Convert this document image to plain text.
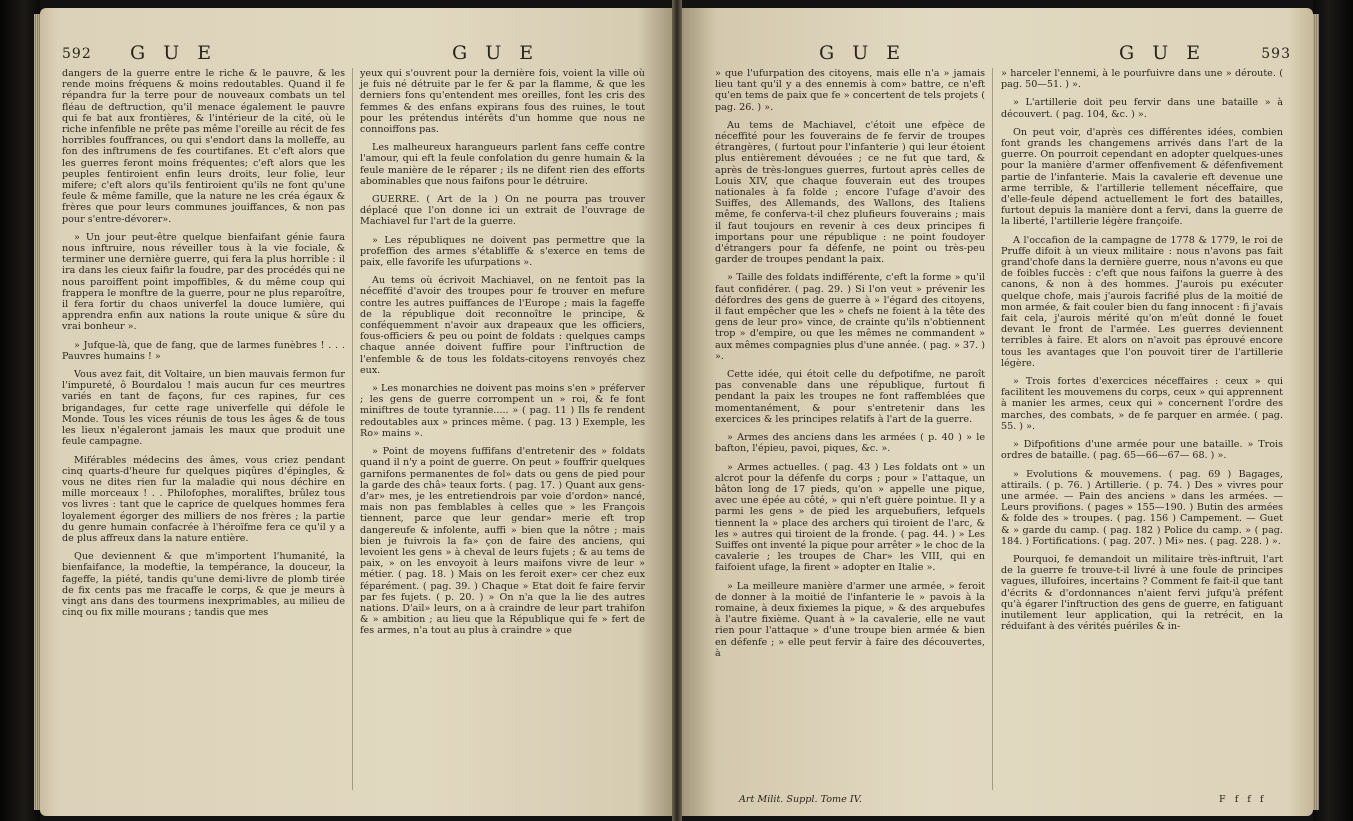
592 G U E	G U E

dangers de la guerre entre le riche & le pauvre, & les rende moins fréquens & moins redoutables. Quand il fe répandra fur la terre pour de nouveaux combats un tel fléau de deftruction, qu'il menace également le pauvre qui fe bat aux frontières, & l'intérieur de la cité, où le riche infenfible ne prête pas même l'oreille au récit de fes horribles fouffrances, ou qui s'endort dans la molleffe, au fon des inftrumens de fes courtifanes. Et c'eft alors que les guerres feront moins fréquentes; c'eft alors que les peuples fentiroient enfin leurs droits, leur folie, leur mifere; c'eft alors qu'ils fentiroient qu'ils ne font qu'une feule & même famille, que la nature ne les créa égaux & frères que pour leurs communes jouiffances, & non pas pour s'entre-dévorer».

» Un jour peut-être quelque bienfaifant génie faura nous inftruire, nous réveiller tous à la vie fociale, & terminer une dernière guerre, qui fera la plus horrible : il ira dans les cieux faifir la foudre, par des procédés qui ne nous paroiffent point impoffibles, & du même coup qui frappera le monftre de la guerre, pour ne plus reparoître, il fera fortir du chaos univerfel la douce lumière, qui apprendra enfin aux nations la route unique & sûre du vrai bonheur ».

» Jufque-là, que de fang, que de larmes funèbres ! . . . Pauvres humains ! »

Vous avez fait, dit Voltaire, un bien mauvais fermon fur l'impureté, ô Bourdalou ! mais aucun fur ces meurtres variés en tant de façons, fur ces rapines, fur ces brigandages, fur cette rage univerfelle qui défole le Monde. Tous les vices réunis de tous les âges & de tous les lieux n'égaleront jamais les maux que produit une feule campagne.

Miférables médecins des âmes, vous criez pendant cinq quarts-d'heure fur quelques piqûres d'épingles, & vous ne dites rien fur la maladie qui nous déchire en mille morceaux ! . . Philofophes, moraliftes, brûlez tous vos livres : tant que le caprice de quelques hommes fera loyalement égorger des milliers de nos frères ; la partie du genre humain confacrée à l'héroïfme fera ce qu'il y a de plus affreux dans la nature entière.

Que deviennent & que m'importent l'humanité, la bienfaifance, la modeftie, la tempérance, la douceur, la fageffe, la piété, tandis qu'une demi-livre de plomb tirée de fix cents pas me fracaffe le corps, & que je meurs à vingt ans dans des tourmens inexprimables, au milieu de cinq ou fix mille mourans ; tandis que mes

yeux qui s'ouvrent pour la dernière fois, voient la ville où je fuis né détruite par le fer & par la flamme, & que les derniers fons qu'entendent mes oreilles, font les cris des femmes & des enfans expirans fous des ruines, le tout pour les prétendus intérêts d'un homme que nous ne connoiffons pas.

Les malheureux harangueurs parlent fans ceffe contre l'amour, qui eft la feule confolation du genre humain & la feule manière de le réparer ; ils ne difent rien des efforts abominables que nous faifons pour le détruire.

GUERRE. ( Art de la ) On ne pourra pas trouver déplacé que l'on donne ici un extrait de l'ouvrage de Machiavel fur l'art de la guerre.

» Les républiques ne doivent pas permettre que la profeffion des armes s'établiffe & s'exerce en tems de paix, elle favorife les ufurpations ».

Au tems où écrivoit Machiavel, on ne fentoit pas la néceffité d'avoir des troupes pour fe trouver en mefure contre les autres puiffances de l'Europe ; mais la fageffe de la république doit reconnoître le principe, & conféquemment n'avoir aux drapeaux que les officiers, fous-officiers & peu ou point de foldats : quelques camps chaque année doivent fuffire pour l'inftruction de l'enfemble & de tous les foldats-citoyens renvoyés chez eux.

» Les monarchies ne doivent pas moins s'en » préferver ; les gens de guerre corrompent un » roi, & fe font miniftres de toute tyrannie..... » ( pag. 11 ) Ils fe rendent redoutables aux » princes même. ( pag. 13 ) Exemple, les Ro» mains ».

» Point de moyens fuffifans d'entretenir des » foldats quand il n'y a point de guerre. On peut » fouffrir quelques garnifons permanentes de fol» dats ou gens de pied pour la garde des châ» teaux forts. ( pag. 17. ) Quant aux gens-d'ar» mes, je les entretiendrois par voie d'ordon» nancé, mais non pas femblables à celles que » les François tiennent, parce que leur gendar» merie eft trop dangereufe & infolente, auffi » bien que la nôtre ; mais bien je fuivrois la fa» çon de faire des anciens, qui levoient les gens » à cheval de leurs fujets ; & au tems de paix, » on les envoyoit à leurs maifons vivre de leur » métier. ( pag. 18. ) Mais on les feroit exer» cer chez eux féparément. ( pag. 39. ) Chaque » Etat doit fe faire fervir par fes fujets. ( p. 20. ) » On n'a que la lie des autres nations. D'ail» leurs, on a à craindre de leur part trahifon & » ambition ; au lieu que la République qui fe » fert de fes armes, n'a tout au plus à craindre » que

G U E	G U E	593

» que l'ufurpation des citoyens, mais elle n'a » jamais lieu tant qu'il y a des ennemis à com» battre, ce n'eft qu'en tems de paix que fe » concertent de tels projets ( pag. 26. ) ».

Au tems de Machiavel, c'étoit une efpèce de néceffité pour les fouverains de fe fervir de troupes étrangères, ( furtout pour l'infanterie ) qui leur étoient plus entièrement dévouées ; ce ne fut que tard, & après de très-longues guerres, furtout après celles de Louis XIV, que chaque fouverain eut des troupes nationales à fa folde ; encore l'ufage d'avoir des Suiffes, des Allemands, des Wallons, des Italiens même, fe conferva-t-il chez plufieurs fouverains ; mais il faut toujours en revenir à ces deux principes fi importans pour une république : ne point foudoyer d'étrangers pour fa défenfe, ne point ou très-peu garder de troupes pendant la paix.

» Taille des foldats indifférente, c'eft la forme » qu'il faut confidérer. ( pag. 29. ) Si l'on veut » prévenir les défordres des gens de guerre à » l'égard des citoyens, il faut empêcher que les » chefs ne foient à la tête des gens de leur pro» vince, de crainte qu'ils n'obtiennent trop » d'empire, ou que les mêmes ne commandent » aux mêmes compagnies plus d'une année. ( pag. » 37. ) ».

Cette idée, qui étoit celle du defpotifme, ne paroît pas convenable dans une république, furtout fi pendant la paix les troupes ne font raffemblées que momentanément, & pour s'entretenir dans les exercices & les principes relatifs à l'art de la guerre.

» Armes des anciens dans les armées ( p. 40 ) » le bafton, l'épieu, pavoi, piques, &c. ».

» Armes actuelles. ( pag. 43 ) Les foldats ont » un alcrot pour la défenfe du corps ; pour » l'attaque, un bâton long de 17 pieds, qu'on » appelle une pique, avec une épée au côté, » qui n'eft guère pointue. Il y a parmi les gens » de pied les arquebufiers, lefquels tiennent la » place des archers qui tiroient de l'arc, & les » autres qui tiroient de la fronde. ( pag. 44. ) » Les Suiffes ont inventé la pique pour arrêter » le choc de la cavalerie ; les troupes de Char» les VIII, qui en faifoient ufage, la firent » adopter en Italie ».

» La meilleure manière d'armer une armée, » feroit de donner à la moitié de l'infanterie le » pavois à la romaine, à deux fixiemes la pique, » & des arquebufes à l'autre fixième. Quant à » la cavalerie, elle ne vaut rien pour l'attaque » d'une troupe bien armée & bien en défenfe ; » elle peut fervir à faire des découvertes, à

» harceler l'ennemi, à le pourfuivre dans une » déroute. ( pag. 50—51. ) ».

» L'artillerie doit peu fervir dans une bataille » à découvert. ( pag. 104, &c. ) ».

On peut voir, d'après ces différentes idées, combien font grands les changemens arrivés dans l'art de la guerre. On pourroit cependant en adopter quelques-unes pour la manière d'armer offenfivement & défenfivement partie de l'infanterie. Mais la cavalerie eft devenue une arme terrible, & l'artillerie tellement néceffaire, que d'elle-feule dépend actuellement le fort des batailles, furtout depuis la manière dont a fervi, dans la guerre de la liberté, l'artillerie légère françoife.

A l'occafion de la campagne de 1778 & 1779, le roi de Pruffe difoit à un vieux militaire : nous n'avons pas fait grand'chofe dans la dernière guerre, nous n'avons eu que de foibles fuccès : c'eft que nous faifons la guerre à des canons, & non à des hommes. J'aurois pu exécuter quelque chofe, mais j'aurois facrifié plus de la moitié de mon armée, & fait couler bien du fang innocent : fi j'avais fait cela, j'aurois mérité qu'on m'eût donné le fouet devant le front de l'armée. Les guerres deviennent terribles à faire. Et alors on n'avoit pas éprouvé encore tous les avantages que l'on pouvoit tirer de l'artillerie légère.

» Trois fortes d'exercices néceffaires : ceux » qui facilitent les mouvemens du corps, ceux » qui apprennent à manier les armes, ceux qui » concernent l'ordre des marches, des combats, » de fe parquer en armée. ( pag. 55. ) ».

» Difpofitions d'une armée pour une bataille. » Trois ordres de bataille. ( pag. 65—66—67— 68. ) ».

» Evolutions & mouvemens. ( pag. 69 ) Bagages, attirails. ( p. 76. ) Artillerie. ( p. 74. ) Des » vivres pour une armée. — Pain des anciens » dans les armées. — Leurs provifions. ( pages » 155—190. ) Butin des armées & folde des » troupes. ( pag. 156 ) Campement. — Guet & » garde du camp. ( pag. 182 ) Police du camp. » ( pag. 184. ) Fortifications. ( pag. 207. ) Mi» nes. ( pag. 228. ) ».

Pourquoi, fe demandoit un militaire très-inftruit, l'art de la guerre fe trouve-t-il livré à une foule de principes vagues, illufoires, incertains ? Comment fe fait-il que tant d'écrits & d'ordonnances n'aient fervi jufqu'à préfent qu'à égarer l'inftruction des gens de guerre, en fatiguant inutilement leur application, qui la retrécit, en la réduifant à des vérités puériles & in-

Art Milit. Suppl. Tome IV.	F f f f
